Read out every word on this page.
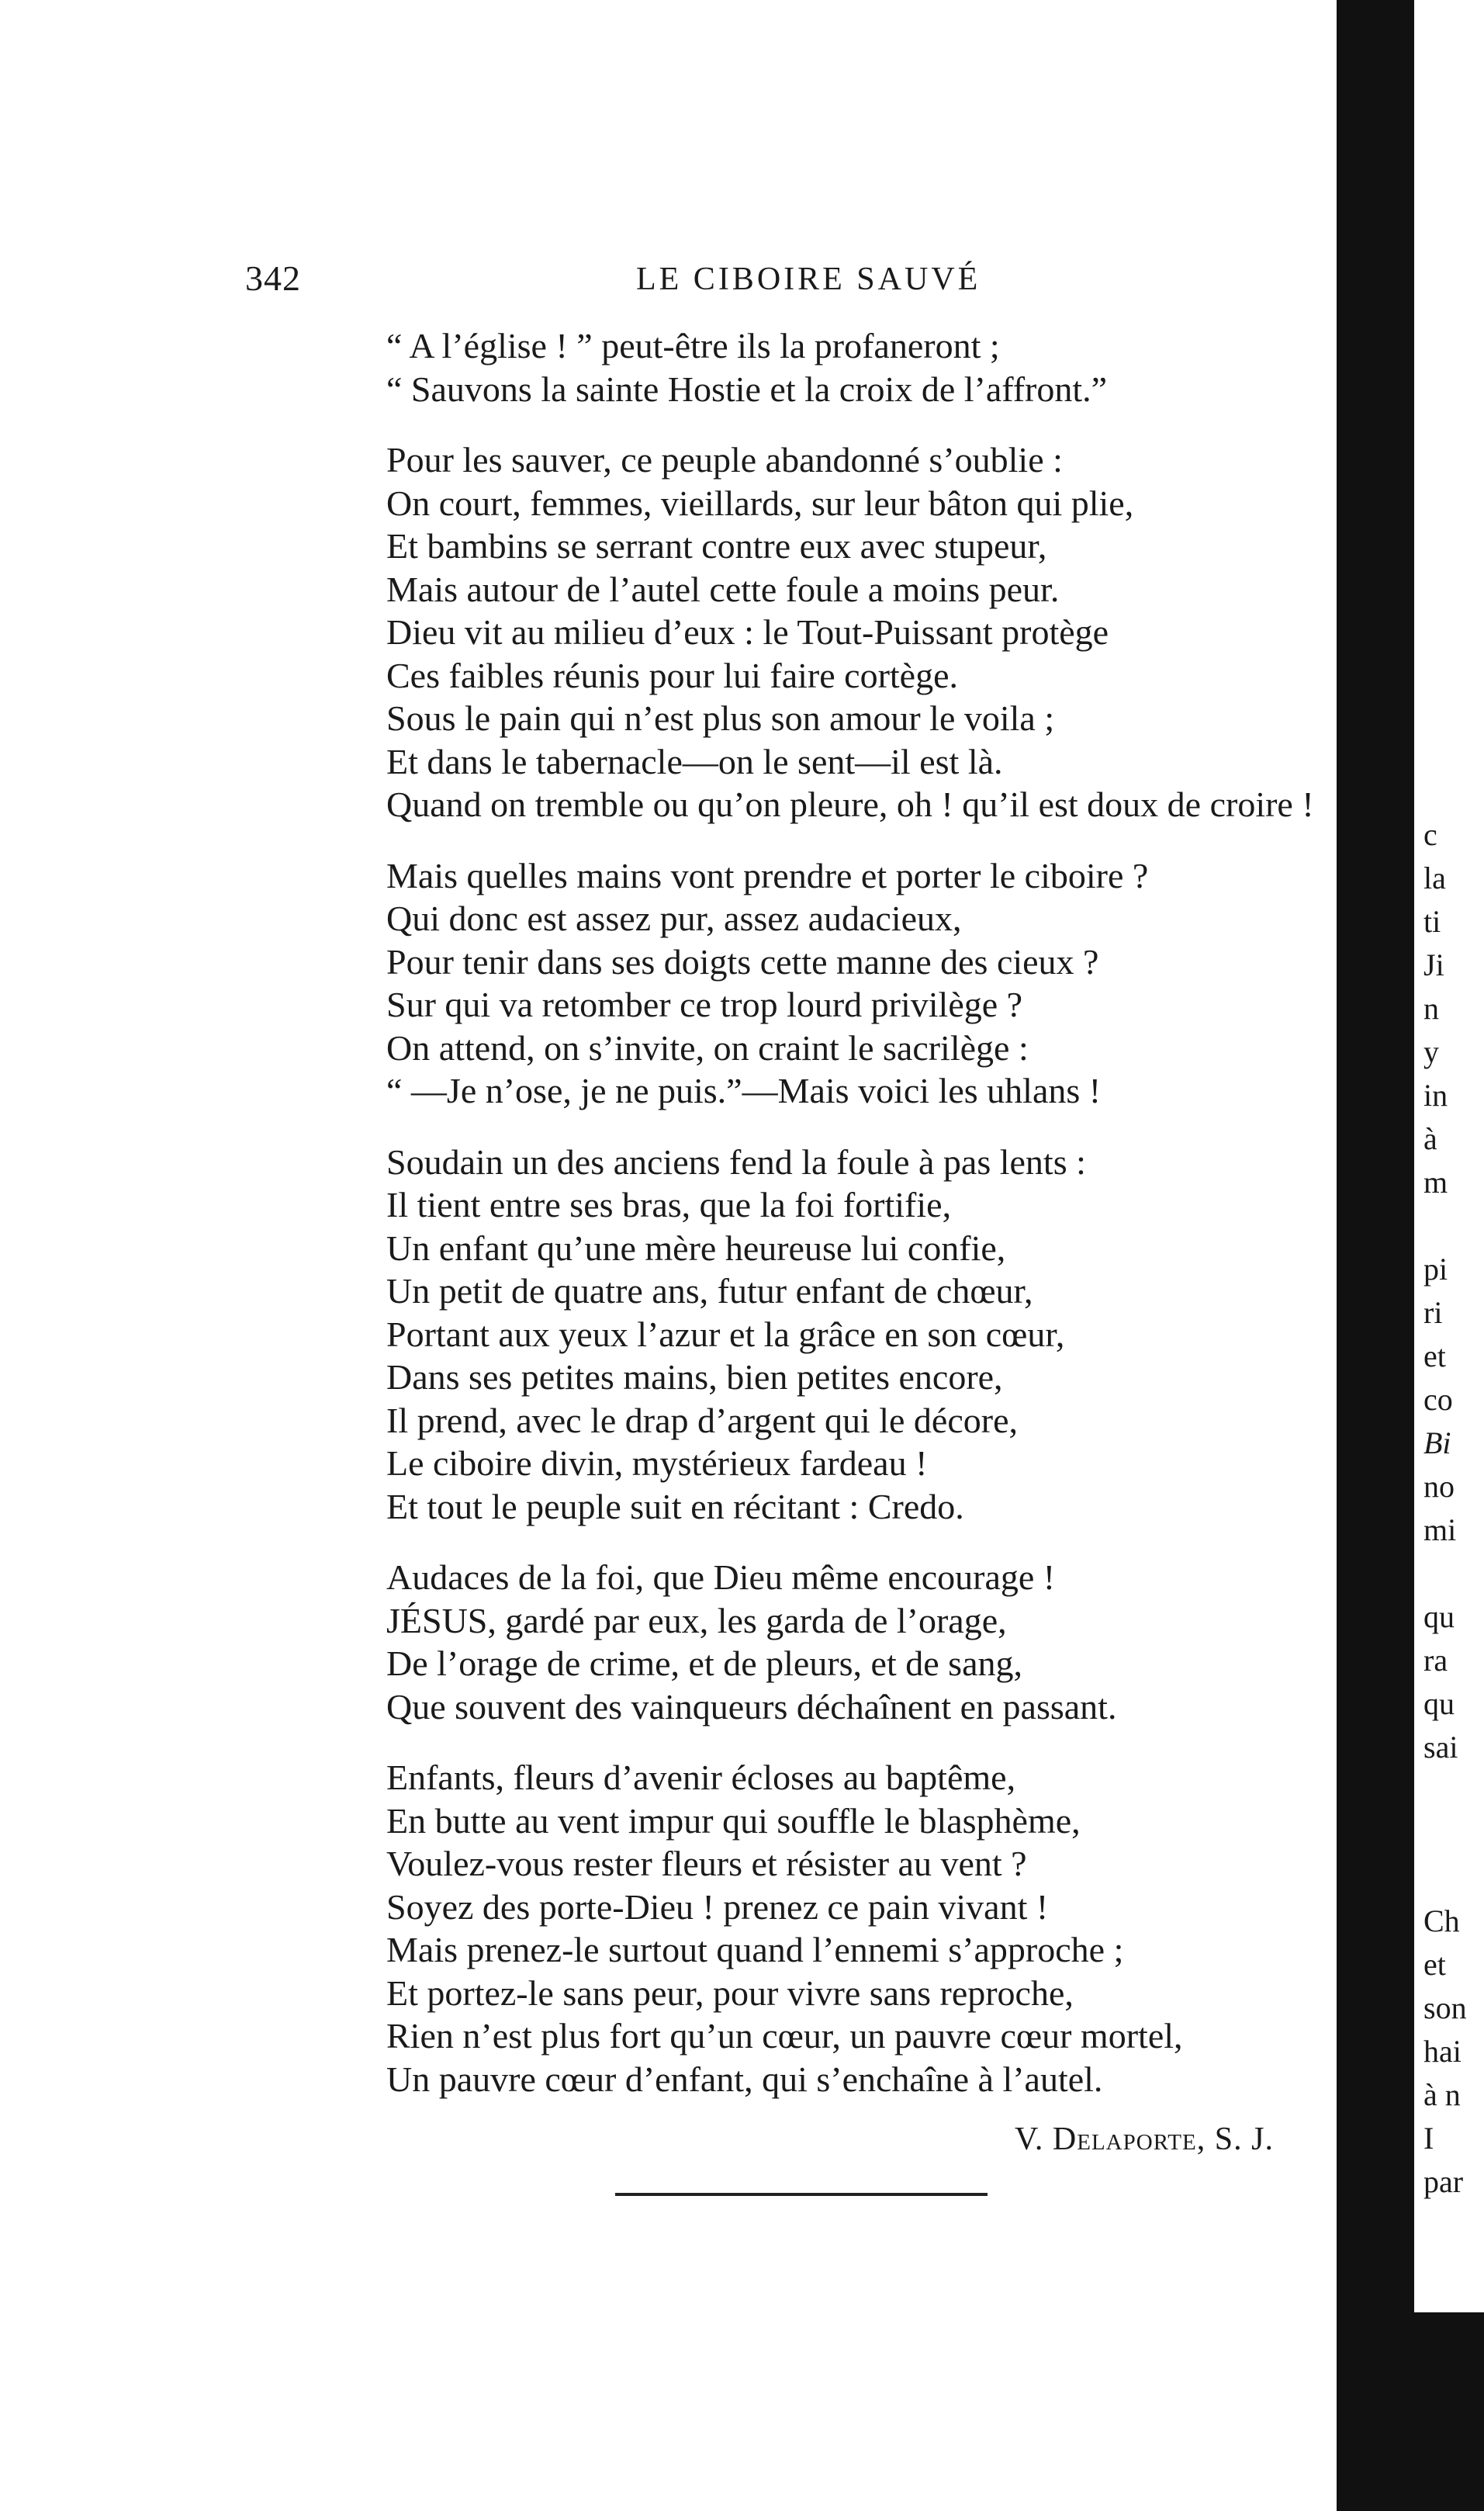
342	LE CIBOIRE SAUVÉ
“ A l’église ! ” peut-être ils la profaneront ;
“ Sauvons la sainte Hostie et la croix de l’affront.”
Pour les sauver, ce peuple abandonné s’oublie :
On court, femmes, vieillards, sur leur bâton qui plie,
Et bambins se serrant contre eux avec stupeur,
Mais autour de l’autel cette foule a moins peur.
Dieu vit au milieu d’eux : le Tout-Puissant protège
Ces faibles réunis pour lui faire cortège.
Sous le pain qui n’est plus son amour le voila ;
Et dans le tabernacle—on le sent—il est là.
Quand on tremble ou qu’on pleure, oh ! qu’il est doux de croire !
Mais quelles mains vont prendre et porter le ciboire ?
Qui donc est assez pur, assez audacieux,
Pour tenir dans ses doigts cette manne des cieux ?
Sur qui va retomber ce trop lourd privilège ?
On attend, on s’invite, on craint le sacrilège :
“ —Je n’ose, je ne puis.”—Mais voici les uhlans !
Soudain un des anciens fend la foule à pas lents :
Il tient entre ses bras, que la foi fortifie,
Un enfant qu’une mère heureuse lui confie,
Un petit de quatre ans, futur enfant de chœur,
Portant aux yeux l’azur et la grâce en son cœur,
Dans ses petites mains, bien petites encore,
Il prend, avec le drap d’argent qui le décore,
Le ciboire divin, mystérieux fardeau !
Et tout le peuple suit en récitant : Credo.
Audaces de la foi, que Dieu même encourage !
JÉSUS, gardé par eux, les garda de l’orage,
De l’orage de crime, et de pleurs, et de sang,
Que souvent des vainqueurs déchaînent en passant.
Enfants, fleurs d’avenir écloses au baptême,
En butte au vent impur qui souffle le blasphème,
Voulez-vous rester fleurs et résister au vent ?
Soyez des porte-Dieu ! prenez ce pain vivant !
Mais prenez-le surtout quand l’ennemi s’approche ;
Et portez-le sans peur, pour vivre sans reproche,
Rien n’est plus fort qu’un cœur, un pauvre cœur mortel,
Un pauvre cœur d’enfant, qui s’enchaîne à l’autel.
V. Delaporte, S. J.
c
la
ti
Ji
n
y
in
à
m
pi
ri
et
co
Bi
no
mi
qu
ra
qu
sai
Ch
et
son
hai
à n
I
par
